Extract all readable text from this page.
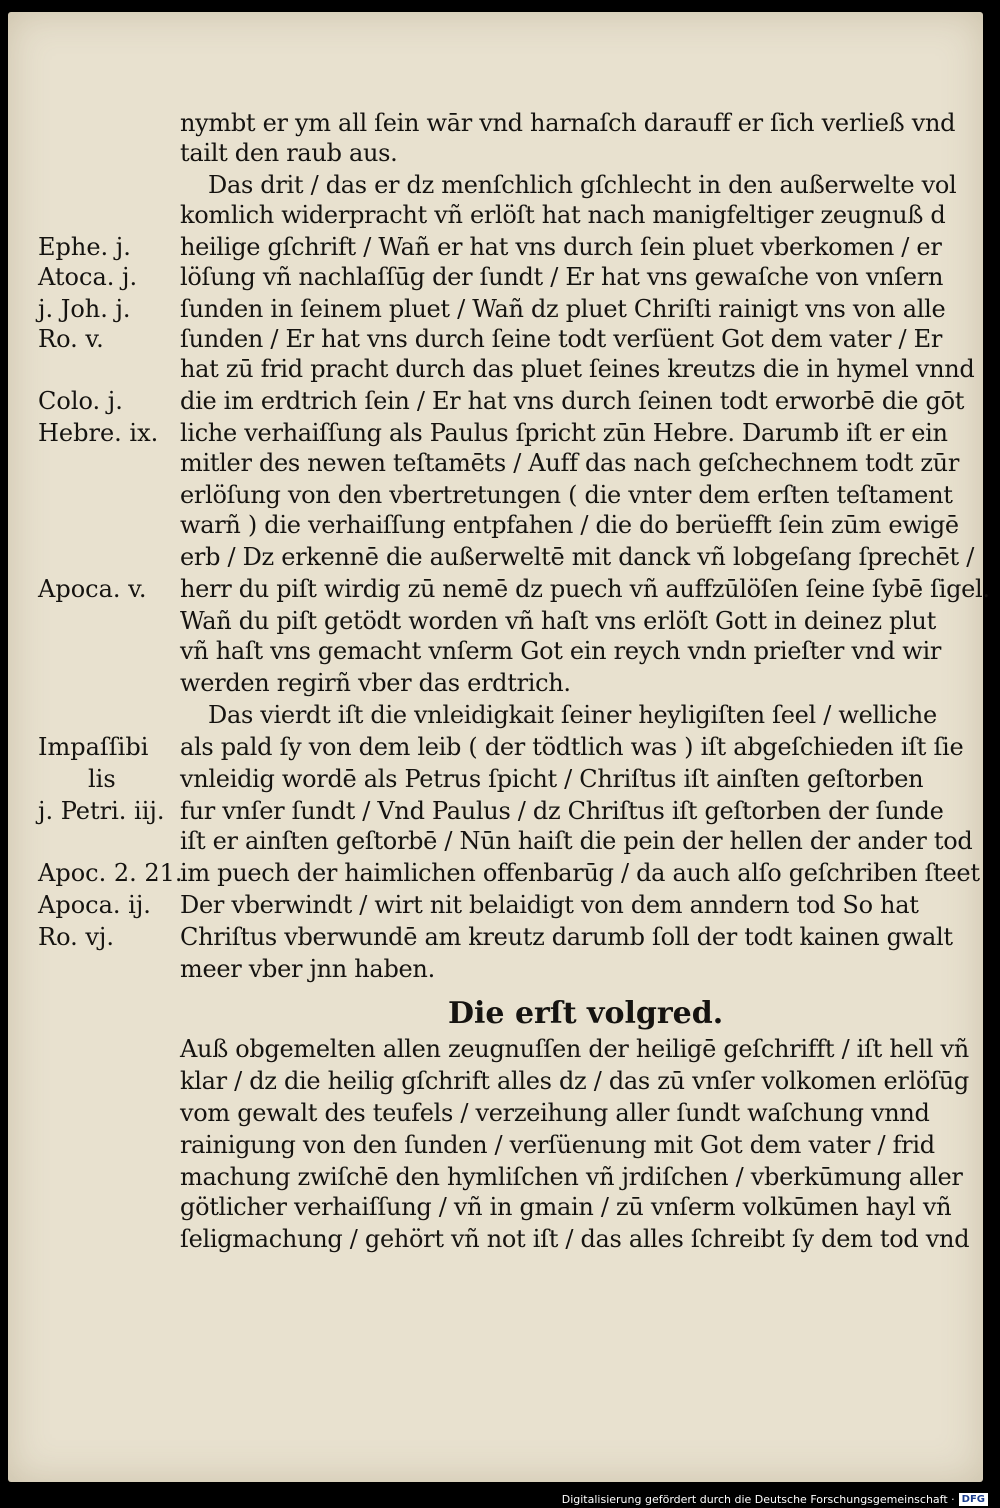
nymbt er ym all ſein wār vnd harnaſch darauff er ſich verließ vnd
tailt den raub aus.
Das drit / das er dz menſchlich gſchlecht in den außerwelte vol
komlich widerpracht vñ erlöſt hat nach manigfeltiger zeugnuß d
heilige gſchrift / Wañ er hat vns durch ſein pluet vberkomen / er
löſung vñ nachlaſſūg der ſundt / Er hat vns gewaſche von vnſern
ſunden in ſeinem pluet / Wañ dz pluet Chriſti rainigt vns von alle
ſunden / Er hat vns durch ſeine todt verſüent Got dem vater / Er
hat zū frid pracht durch das pluet ſeines kreutzs die in hymel vnnd
die im erdtrich ſein / Er hat vns durch ſeinen todt erworbē die gōt
liche verhaiſſung als Paulus ſpricht zūn Hebre. Darumb iſt er ein
mitler des newen teſtamēts / Auff das nach geſchechnem todt zūr
erlöſung von den vbertretungen ( die vnter dem erſten teſtament
warñ ) die verhaiſſung entpfahen / die do berüefft ſein zūm ewigē
erb / Dz erkennē die außerweltē mit danck vñ lobgeſang ſprechēt /
herr du piſt wirdig zū nemē dz puech vñ auffzūlöſen ſeine ſybē ſigel.
Wañ du piſt getödt worden vñ haſt vns erlöſt Gott in deinez plut
vñ haſt vns gemacht vnſerm Got ein reych vndn prieſter vnd wir
werden regirñ vber das erdtrich.
Das vierdt iſt die vnleidigkait ſeiner heyligiſten ſeel / welliche
als pald ſy von dem leib ( der tödtlich was ) iſt abgeſchieden iſt ſie
vnleidig wordē als Petrus ſpicht / Chriſtus iſt ainſten geſtorben
fur vnſer ſundt / Vnd Paulus / dz Chriſtus iſt geſtorben der ſunde
iſt er ainſten geſtorbē / Nūn haiſt die pein der hellen der ander tod
im puech der haimlichen offenbarūg / da auch alſo geſchriben ſteet
Der vberwindt / wirt nit belaidigt von dem anndern tod So hat
Chriſtus vberwundē am kreutz darumb ſoll der todt kainen gwalt
meer vber jnn haben.
Die erſt volgred.
Auß obgemelten allen zeugnuſſen der heiligē geſchrifft / iſt hell vñ
klar / dz die heilig gſchrift alles dz / das zū vnſer volkomen erlöſūg
vom gewalt des teufels / verzeihung aller ſundt waſchung vnnd
rainigung von den ſunden / verſüenung mit Got dem vater / frid
machung zwiſchē den hymliſchen vñ jrdiſchen / vberkūmung aller
götlicher verhaiſſung / vñ in gmain / zū vnſerm volkūmen hayl vñ
ſeligmachung / gehört vñ not iſt / das alles ſchreibt ſy dem tod vnd
Ephe. j.
Atoca. j.
j. Joh. j.
Ro. v.
Colo. j.
Hebre. ix.
Apoca. v.
Impaſſibi
lis
j. Petri. iij.
Apoc. 2. 21.
Apoca. ij.
Ro. vj.
Digitalisierung gefördert durch die Deutsche Forschungsgemeinschaft · DFG
